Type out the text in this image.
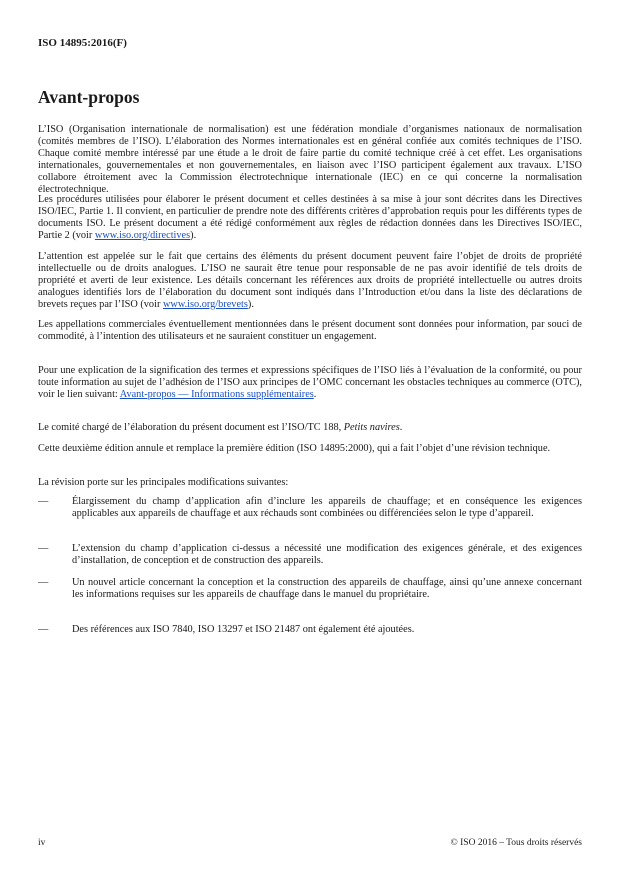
ISO 14895:2016(F)
Avant-propos

L’ISO (Organisation internationale de normalisation) est une fédération mondiale d’organismes nationaux de normalisation (comités membres de l’ISO). L’élaboration des Normes internationales est en général confiée aux comités techniques de l’ISO. Chaque comité membre intéressé par une étude a le droit de faire partie du comité technique créé à cet effet. Les organisations internationales, gouvernementales et non gouvernementales, en liaison avec l’ISO participent également aux travaux. L’ISO collabore étroitement avec la Commission électrotechnique internationale (IEC) en ce qui concerne la normalisation électrotechnique.

Les procédures utilisées pour élaborer le présent document et celles destinées à sa mise à jour sont décrites dans les Directives ISO/IEC, Partie 1. Il convient, en particulier de prendre note des différents critères d’approbation requis pour les différents types de documents ISO. Le présent document a été rédigé conformément aux règles de rédaction données dans les Directives ISO/IEC, Partie 2 (voir www.iso.org/directives).

L’attention est appelée sur le fait que certains des éléments du présent document peuvent faire l’objet de droits de propriété intellectuelle ou de droits analogues. L’ISO ne saurait être tenue pour responsable de ne pas avoir identifié de tels droits de propriété et averti de leur existence. Les détails concernant les références aux droits de propriété intellectuelle ou autres droits analogues identifiés lors de l’élaboration du document sont indiqués dans l’Introduction et/ou dans la liste des déclarations de brevets reçues par l’ISO (voir www.iso.org/brevets).

Les appellations commerciales éventuellement mentionnées dans le présent document sont données pour information, par souci de commodité, à l’intention des utilisateurs et ne sauraient constituer un engagement.

Pour une explication de la signification des termes et expressions spécifiques de l’ISO liés à l’évaluation de la conformité, ou pour toute information au sujet de l’adhésion de l’ISO aux principes de l’OMC concernant les obstacles techniques au commerce (OTC), voir le lien suivant: Avant-propos — Informations supplémentaires.

Le comité chargé de l’élaboration du présent document est l’ISO/TC 188, Petits navires.

Cette deuxième édition annule et remplace la première édition (ISO 14895:2000), qui a fait l’objet d’une révision technique.

La révision porte sur les principales modifications suivantes:

— Élargissement du champ d’application afin d’inclure les appareils de chauffage; et en conséquence les exigences applicables aux appareils de chauffage et aux réchauds sont combinées ou différenciées selon le type d’appareil.
— L’extension du champ d’application ci-dessus a nécessité une modification des exigences générale, et des exigences d’installation, de conception et de construction des appareils.
— Un nouvel article concernant la conception et la construction des appareils de chauffage, ainsi qu’une annexe concernant les informations requises sur les appareils de chauffage dans le manuel du propriétaire.
— Des références aux ISO 7840, ISO 13297 et ISO 21487 ont également été ajoutées.
iv	© ISO 2016 – Tous droits réservés
